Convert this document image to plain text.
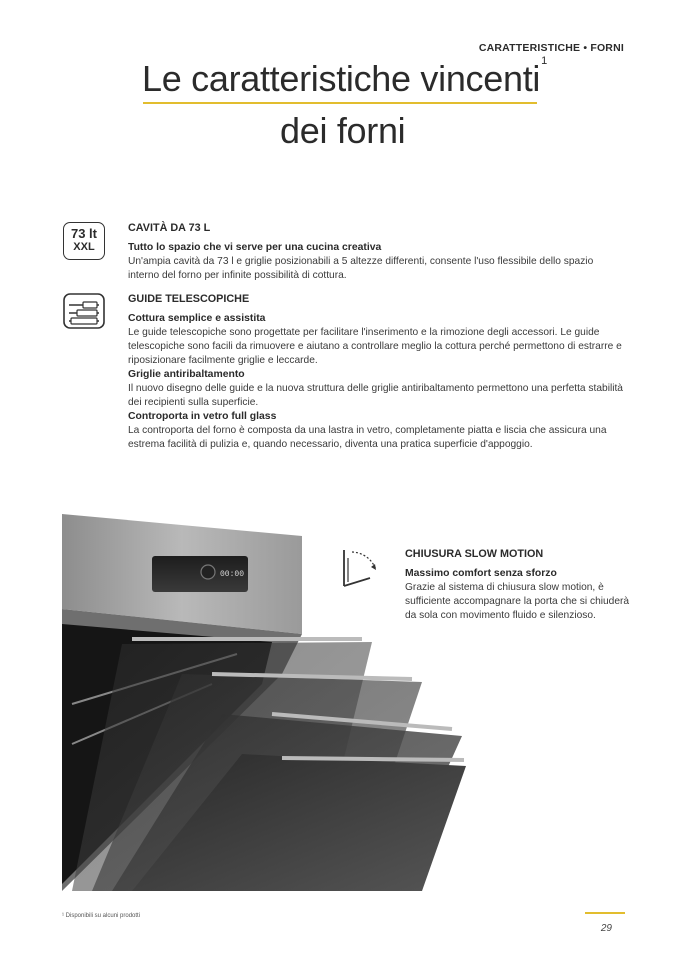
CARATTERISTICHE • FORNI
Le caratteristiche vincenti$^1$
dei forni
73 lt
XXL
CAVITÀ DA 73 L
Tutto lo spazio che vi serve per una cucina creativa

Un'ampia cavità da 73 l e griglie posizionabili a 5 altezze differenti, consente l'uso flessibile dello spazio interno del forno per infinite possibilità di cottura.

GUIDE TELESCOPICHE
Cottura semplice e assistita

Le guide telescopiche sono progettate per facilitare l'inserimento e la rimozione degli accessori. Le guide telescopiche sono facili da rimuovere e aiutano a controllare meglio la cottura perché permettono di estrarre e riposizionare facilmente griglie e leccarde.

Griglie antiribaltamento

Il nuovo disegno delle guide e la nuova struttura delle griglie antiribaltamento permettono una perfetta stabilità dei recipienti sulla superficie.

Controporta in vetro full glass

La controporta del forno è composta da una lastra in vetro, completamente piatta e liscia che assicura una estrema facilità di pulizia e, quando necessario, diventa una pratica superficie d'appoggio.

00:00
CHIUSURA SLOW MOTION
Massimo comfort senza sforzo

Grazie al sistema di chiusura slow motion, è sufficiente accompagnare la porta che si chiuderà da sola con movimento fluido e silenzioso.

¹ Disponibili su alcuni prodotti
29
